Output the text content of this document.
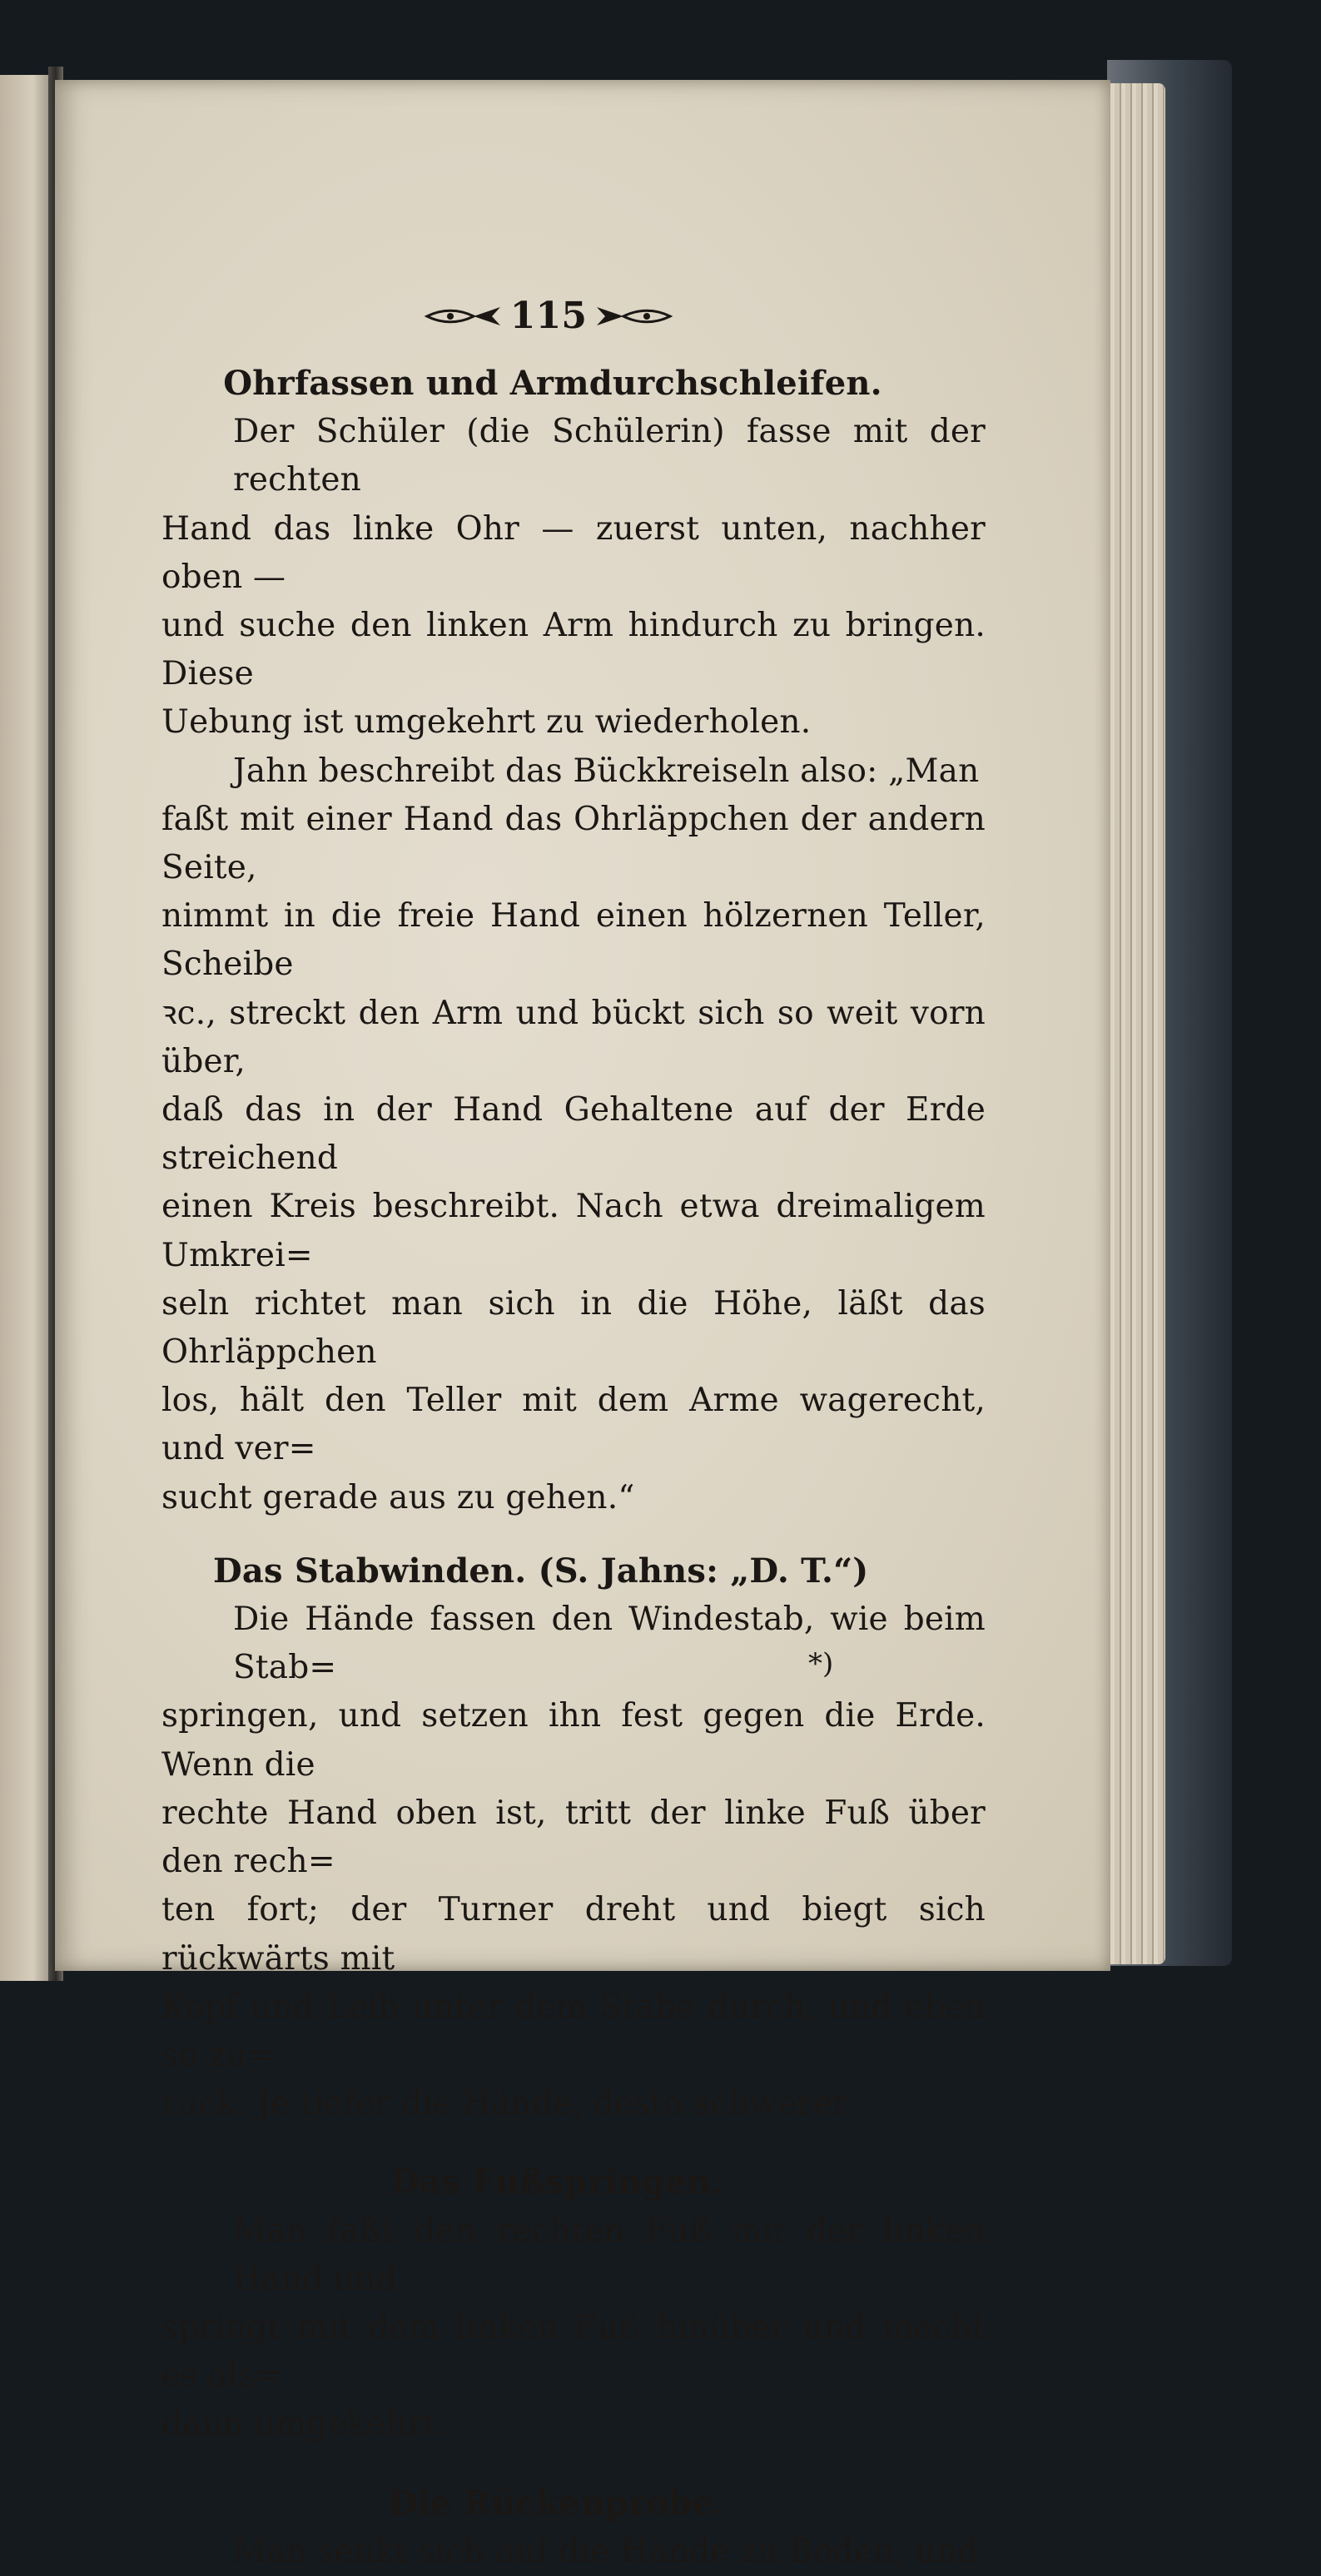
115
Ohrfassen und Armdurchschleifen.

Der Schüler (die Schülerin) fasse mit der rechten

Hand das linke Ohr — zuerst unten, nachher oben —

und suche den linken Arm hindurch zu bringen. Diese

Uebung ist umgekehrt zu wiederholen.

Jahn beschreibt das Bückkreiseln also: „Man

faßt mit einer Hand das Ohrläppchen der andern Seite,

nimmt in die freie Hand einen hölzernen Teller, Scheibe

ꝛc., streckt den Arm und bückt sich so weit vorn über,

daß das in der Hand Gehaltene auf der Erde streichend

einen Kreis beschreibt. Nach etwa dreimaligem Umkrei=

seln richtet man sich in die Höhe, läßt das Ohrläppchen

los, hält den Teller mit dem Arme wagerecht, und ver=

sucht gerade aus zu gehen.“

Das Stabwinden. (S. Jahns: „D. T.“)

Die Hände fassen den Windestab, wie beim Stab=

springen, und setzen ihn fest gegen die Erde. Wenn die

rechte Hand oben ist, tritt der linke Fuß über den rech=

ten fort; der Turner dreht und biegt sich rückwärts mit

Kopf und Leib unter dem Stabe durch, und eben so zu=

rück. Je tiefer die Hände, desto schwerer.

Das Fußspringen.

Man faßt den rechten Fuß mit der linken Hand und

springt mit dem linken Fuß hinüber und macht es als=

dann umgekehrt.

Die Rückenprobe.

Man senkt sich auf die Hände zu Boden, und

*)
